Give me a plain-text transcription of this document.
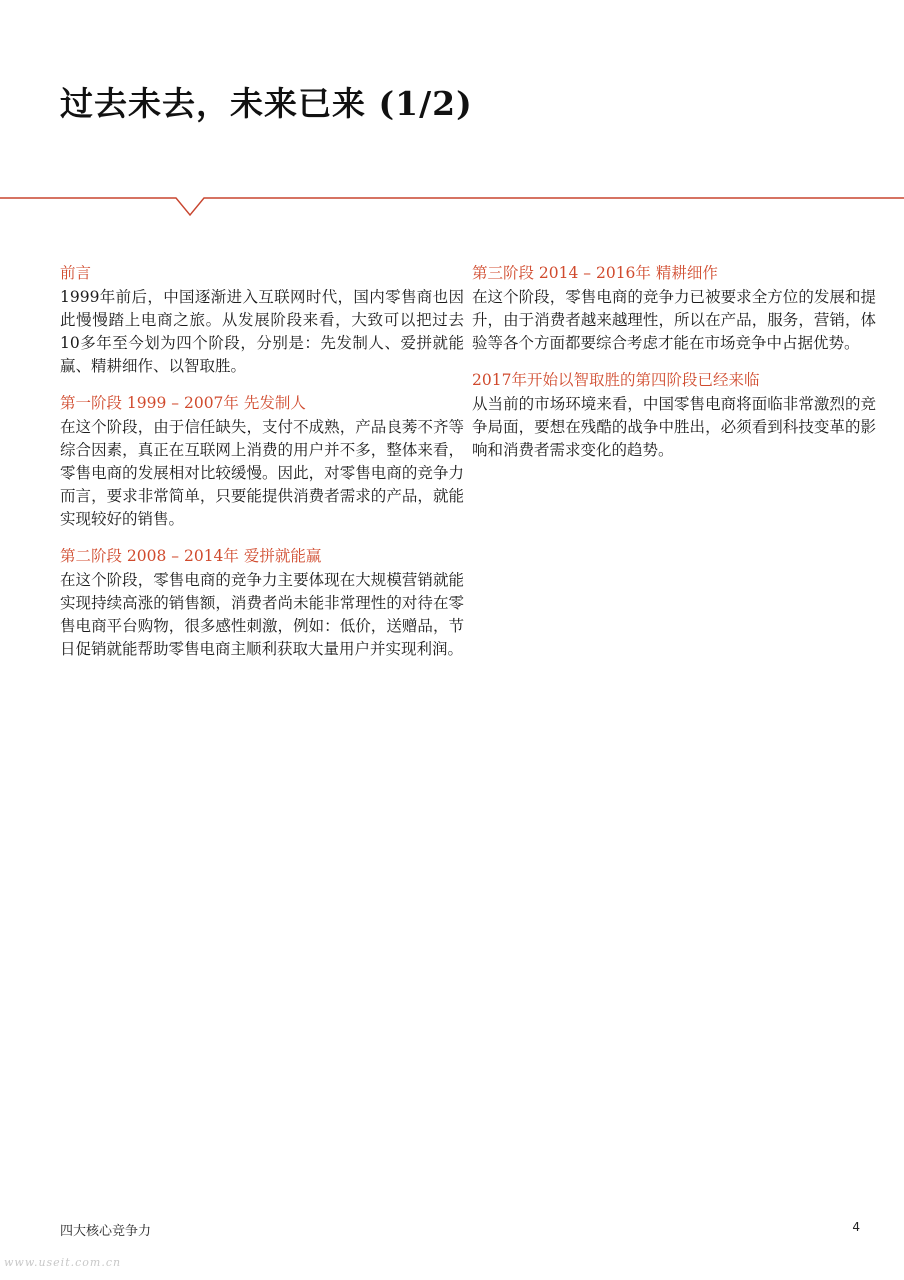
过去未去，未来已来 (1/2)
前言

1999年前后，中国逐渐进入互联网时代，国内零售商也因此慢慢踏上电商之旅。从发展阶段来看，大致可以把过去10多年至今划为四个阶段，分别是：先发制人、爱拼就能赢、精耕细作、以智取胜。

第一阶段 1999 – 2007年 先发制人

在这个阶段，由于信任缺失，支付不成熟，产品良莠不齐等综合因素，真正在互联网上消费的用户并不多，整体来看，零售电商的发展相对比较缓慢。因此，对零售电商的竞争力而言，要求非常简单，只要能提供消费者需求的产品，就能实现较好的销售。

第二阶段 2008 – 2014年 爱拼就能赢

在这个阶段，零售电商的竞争力主要体现在大规模营销就能实现持续高涨的销售额，消费者尚未能非常理性的对待在零售电商平台购物，很多感性刺激，例如：低价，送赠品，节日促销就能帮助零售电商主顺利获取大量用户并实现利润。

第三阶段 2014 – 2016年 精耕细作

在这个阶段，零售电商的竞争力已被要求全方位的发展和提升，由于消费者越来越理性，所以在产品，服务，营销，体验等各个方面都要综合考虑才能在市场竞争中占据优势。

2017年开始以智取胜的第四阶段已经来临

从当前的市场环境来看，中国零售电商将面临非常激烈的竞争局面，要想在残酷的战争中胜出，必须看到科技变革的影响和消费者需求变化的趋势。

四大核心竞争力	4
www.useit.com.cn
